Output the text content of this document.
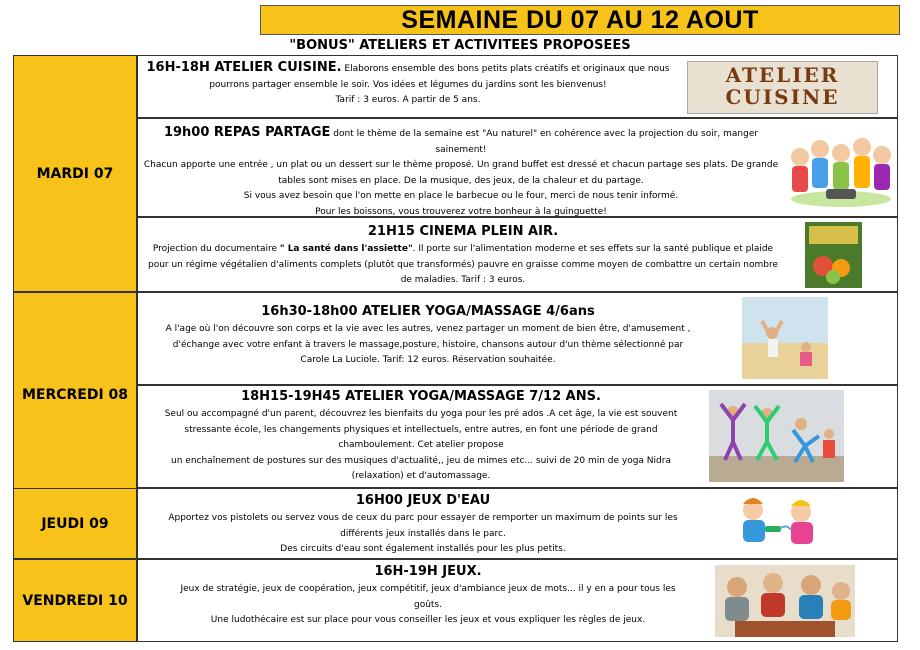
SEMAINE DU 07 AU 12 AOUT
"BONUS" ATELIERS ET ACTIVITEES PROPOSEES
MARDI 07
MERCREDI 08
JEUDI 09
VENDREDI 10
16H-18H ATELIER CUISINE. Elaborons ensemble des bons petits plats créatifs et originaux que nous
pourrons partager ensemble le soir. Vos idées et légumes du jardins sont les bienvenus!
Tarif : 3 euros. A partir de 5 ans.
ATELIER
CUISINE
19h00 REPAS PARTAGE dont le thème de la semaine est "Au naturel" en cohérence avec la projection du soir, manger sainement!
Chacun apporte une entrée , un plat ou un dessert sur le thème proposé. Un grand buffet est dressé et chacun partage ses plats. De grande
tables sont mises en place. De la musique, des jeux, de la chaleur et du partage.
Si vous avez besoin que l'on mette en place le barbecue ou le four, merci de nous tenir informé.
Pour les boissons, vous trouverez votre bonheur à la guinguette!
21H15 CINEMA PLEIN AIR.
Projection du documentaire " La santé dans l'assiette". Il porte sur l'alimentation moderne et ses effets sur la santé publique et plaide
pour un régime végétalien d'aliments complets (plutôt que transformés) pauvre en graisse comme moyen de combattre un certain nombre
de maladies. Tarif : 3 euros.
16h30-18h00 ATELIER YOGA/MASSAGE 4/6ans
A l'age où l'on découvre son corps et la vie avec les autres, venez partager un moment de bien être, d'amusement ,
d'échange avec votre enfant à travers le massage,posture, histoire, chansons autour d'un thème sélectionné par
Carole La Luciole. Tarif: 12 euros. Réservation souhaitée.
18H15-19H45 ATELIER YOGA/MASSAGE 7/12 ANS.
Seul ou accompagné d'un parent, découvrez les bienfaits du yoga pour les pré ados .A cet âge, la vie est souvent
stressante école, les changements physiques et intellectuels, entre autres, en font une période de grand
chamboulement. Cet atelier propose
un enchaînement de postures sur des musiques d'actualité,, jeu de mimes etc... suivi de 20 min de yoga Nidra
(relaxation) et d'automassage.
16H00 JEUX D'EAU
Apportez vos pistolets ou servez vous de ceux du parc pour essayer de remporter un maximum de points sur les
différents jeux installés dans le parc.
Des circuits d'eau sont également installés pour les plus petits.
16H-19H JEUX.
Jeux de stratégie, jeux de coopération, jeux compétitif, jeux d'ambiance jeux de mots... il y en a pour tous les
goûts.
Une ludothécaire est sur place pour vous conseiller les jeux et vous expliquer les règles de jeux.
